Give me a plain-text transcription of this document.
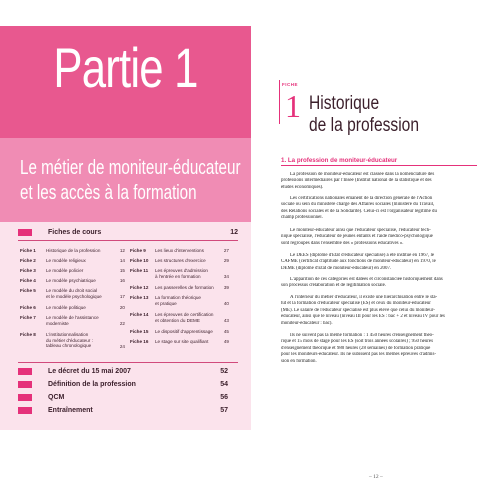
Partie 1
Le métier de moniteur-éducateur
et les accès à la formation
Fiches de cours	12
Fiche 1 Historique de la profession	12
Fiche 2 Le modèle religieux	14
Fiche 3 Le modèle policier	15
Fiche 4 Le modèle psychiatrique	16
Fiche 5 Le modèle du droit social
et le modèle psychologique	17
Fiche 6 Le modèle politique	20
Fiche 7 Le modèle de l'assistance
moderniste	22
Fiche 8 L'institutionnalisation
du métier d'éducateur :
tableau chronologique	24
Fiche 9 Les lieux d'interventions	27
Fiche 10 Les structures d'exercice	29
Fiche 11 Les épreuves d'admission
à l'entrée en formation	34
Fiche 12 Les passerelles de formation	39
Fiche 13 La formation théorique
et pratique	40
Fiche 14 Les épreuves de certification
et obtention du DEME	43
Fiche 15 Le dispositif d'apprentissage	45
Fiche 16 Le stage sur site qualifiant	49
Le décret du 15 mai 2007	52
Définition de la profession	54
QCM	56
Entraînement	57
FICHE
1 Historique
de la profession
1. La profession de moniteur-éducateur
La profession de moniteur-éducateur est classée dans la nomenclature des
professions intermédiaires par l'Insee (Institut national de la statistique et des
études économiques).
Les certifications nationales émanent de la direction générale de l'Action
sociale ou sein du ministère chargé des Affaires sociales (ministère du Travail,
des Relations sociales et de la Solidarité). Celui-ci est l'organisateur légitime du
champ professionnel.
Le moniteur-éducateur ainsi que l'éducateur spécialisé, l'éducateur tech-
nique spécialisé, l'éducateur de jeunes enfants et l'aide médico-psychologique
sont regroupés dans l'ensemble des « professions éducatives ».
Le DEES (diplôme d'État d'éducateur spécialisé) a été institué en 1967, le
CAFME (certificat d'aptitude aux fonctions de moniteur-éducateur) en 1970, le
DEME (diplôme d'État de moniteur-éducateur) en 2007.
L'apparition de ces catégories est datées et circonstanciée historiquement dans
son processus d'élaboration et de légitimation sociale.
À l'intérieur du métier d'éducateur, il existe une hiérarchisation entre le sta-
tut et la formation d'éducateur spécialisé (ES) et ceux du moniteur-éducateur
(ME). Le salaire de l'éducateur spécialisé est plus élevé que celui du moniteur-
éducateur, ainsi que le niveau (niveau III pour les ES : bac + 2 et niveau IV pour les
moniteur-éducateur : bac).
Ils ne suivent pas la même formation : 1 450 heures d'enseignement théo-
rique et 15 mois de stage pour les ES (soit trois années scolaires) ; 950 heures
d'enseignement théorique et 980 heures (28 semaines) de formation pratique
pour les moniteurs-éducateur. Ils ne subissent pas les mêmes épreuves d'admis-
sion en formation.
– 12 –
